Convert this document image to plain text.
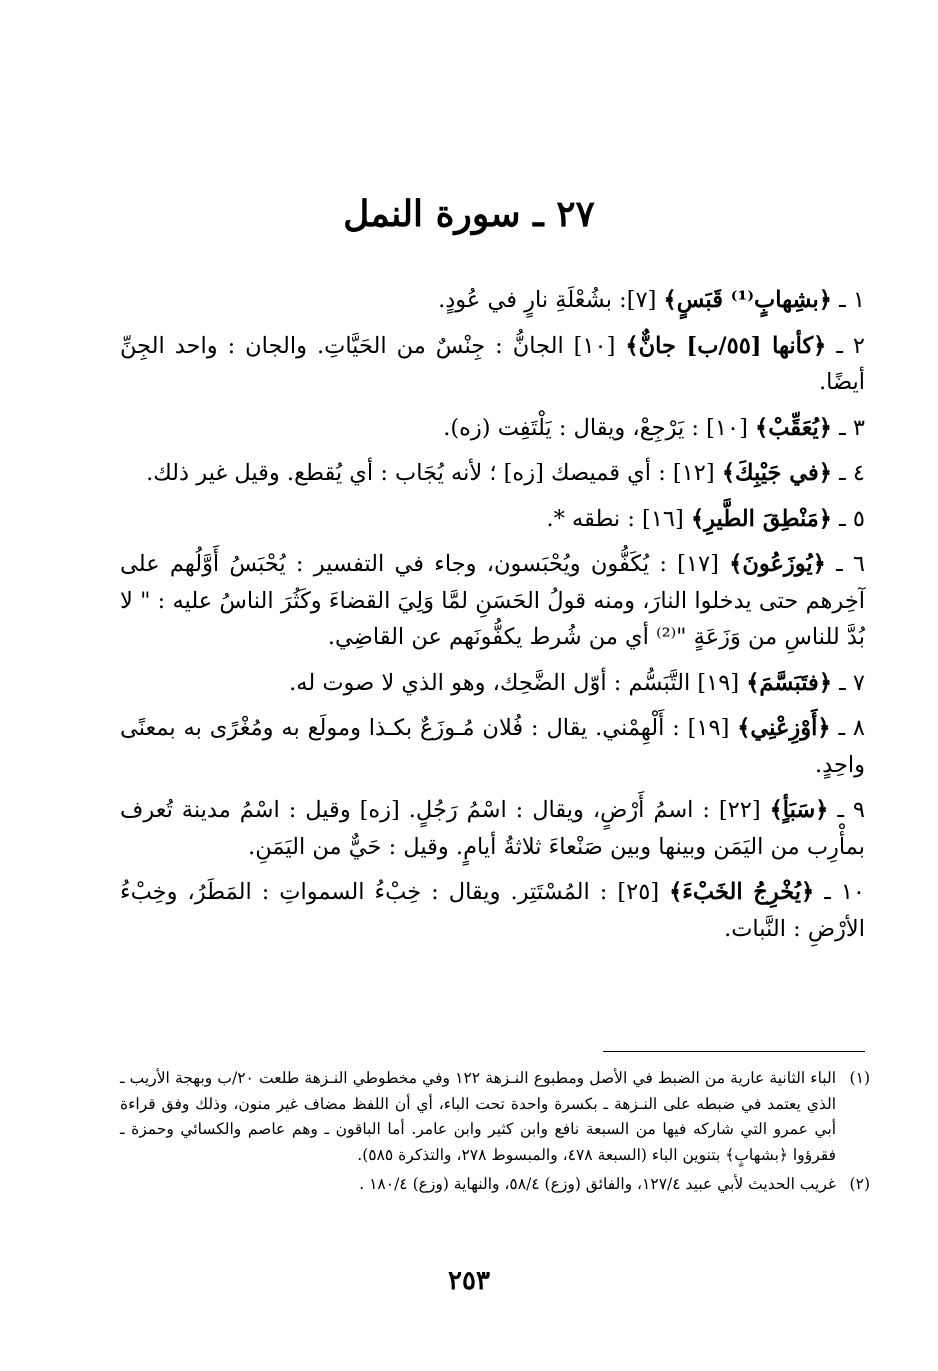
٢٧ ـ سورة النمل

١ ـ ﴿بشِهابٍ⁽¹⁾ قَبَسٍ﴾ [٧]: بشُعْلَةِ نارٍ في عُودٍ.

٢ ـ ﴿كأنها [٥٥/ب] جانٌّ﴾ [١٠] الجانُّ : جِنْسٌ من الحَيَّاتِ. والجان : واحد الجِنِّ أيضًا.

٣ ـ ﴿يُعَقِّبْ﴾ [١٠] : يَرْجِعْ، ويقال : يَلْتَفِت (زه).

٤ ـ ﴿في جَيْبِكَ﴾ [١٢] : أي قميصك [زه] ؛ لأنه يُجَاب : أي يُقطع. وقيل غير ذلك.

٥ ـ ﴿مَنْطِقَ الطَّيرِ﴾ [١٦] : نطقه *.

٦ ـ ﴿يُوزَعُونَ﴾ [١٧] : يُكَفُّون ويُحْبَسون، وجاء في التفسير : يُحْبَسُ أَوَّلُهم على آخِرهم حتى يدخلوا النارَ، ومنه قولُ الحَسَنِ لمَّا وَلِيَ القضاءَ وكَثُرَ الناسُ عليه : " لا بُدَّ للناسِ من وَزَعَةٍ "⁽²⁾ أي من شُرط يكفُّونَهم عن القاضِي.

٧ ـ ﴿فتَبَسَّمَ﴾ [١٩] التَّبَسُّم : أوّل الضَّحِك، وهو الذي لا صوت له.

٨ ـ ﴿أَوْزِعْنِي﴾ [١٩] : أَلْهِمْني. يقال : فُلان مُـوزَعٌ بكـذا ومولَع به ومُغْرًى به بمعنًى واحِدٍ.

٩ ـ ﴿سَبَأٍ﴾ [٢٢] : اسمُ أَرْضٍ، ويقال : اسْمُ رَجُلٍ. [زه] وقيل : اسْمُ مدينة تُعرف بمأْرِب من اليَمَن وبينها وبين صَنْعاءَ ثلاثةُ أيامٍ. وقيل : حَيٌّ من اليَمَنِ.

١٠ ـ ﴿يُخْرِجُ الخَبْءَ﴾ [٢٥] : المُسْتَتِر. ويقال : خِبْءُ السمواتِ : المَطَرُ، وخِبْءُ الأرْضِ : النَّبات.

(١)
الباء الثانية عارية من الضبط في الأصل ومطبوع النـزهة ١٢٢ وفي مخطوطي النـزهة طلعت ٢٠/ب وبهجة الأريب ـ الذي يعتمد في ضبطه على النـزهة ـ بكسرة واحدة تحت الباء، أي أن اللفظ مضاف غير منون، وذلك وفق قراءة أبي عمرو التي شاركه فيها من السبعة نافع وابن كثير وابن عامر. أما الباقون ـ وهم عاصم والكسائي وحمزة ـ فقرؤوا ﴿بشهابٍ﴾ بتنوين الباء (السبعة ٤٧٨، والمبسوط ٢٧٨، والتذكرة ٥٨٥).
(٢)
غريب الحديث لأبي عبيد ١٢٧/٤، والفائق (وزع) ٥٨/٤، والنهاية (وزع) ١٨٠/٤ .
٢٥٣
